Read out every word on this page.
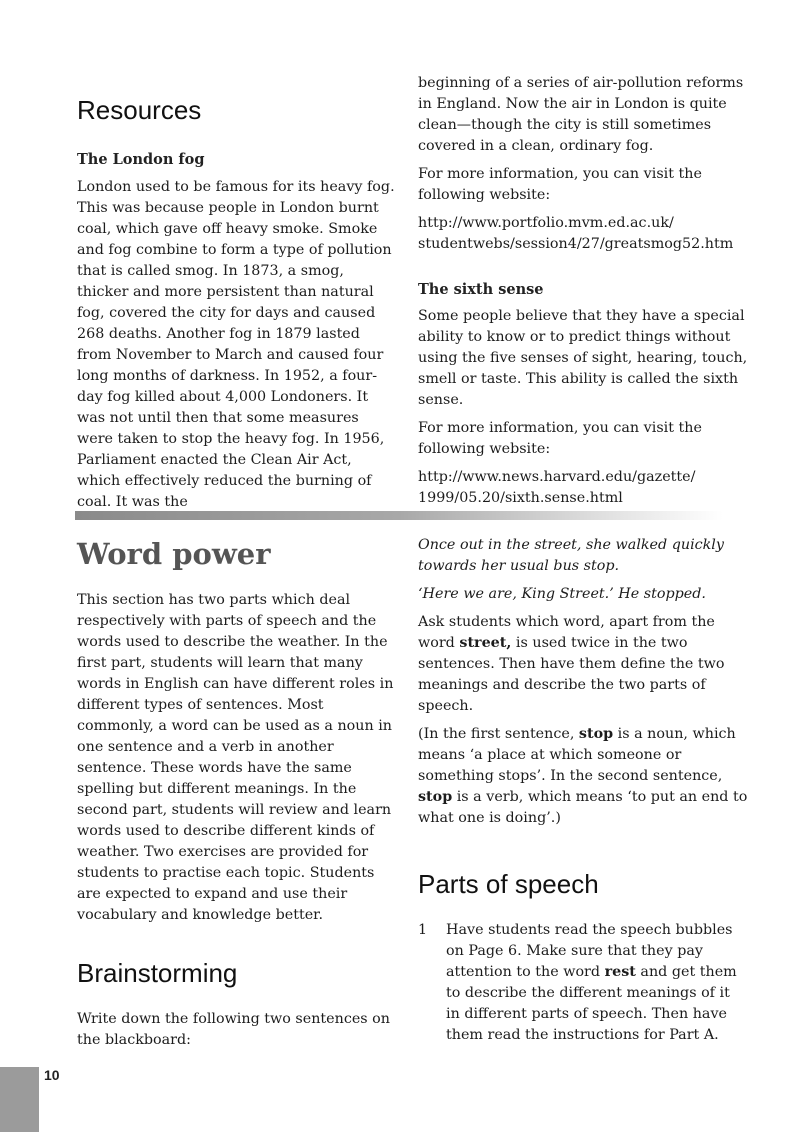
Resources
The London fog

London used to be famous for its heavy fog. This was because people in London burnt coal, which gave off heavy smoke. Smoke and fog combine to form a type of pollution that is called smog. In 1873, a smog, thicker and more persistent than natural fog, covered the city for days and caused 268 deaths. Another fog in 1879 lasted from November to March and caused four long months of darkness. In 1952, a four-day fog killed about 4,000 Londoners. It was not until then that some measures were taken to stop the heavy fog. In 1956, Parliament enacted the Clean Air Act, which effectively reduced the burning of coal. It was the

beginning of a series of air-pollution reforms in England. Now the air in London is quite clean—though the city is still sometimes covered in a clean, ordinary fog.

For more information, you can visit the following website:

http://www.portfolio.mvm.ed.ac.uk/
studentwebs/session4/27/greatsmog52.htm

The sixth sense

Some people believe that they have a special ability to know or to predict things without using the five senses of sight, hearing, touch, smell or taste. This ability is called the sixth sense.

For more information, you can visit the following website:

http://www.news.harvard.edu/gazette/
1999/05.20/sixth.sense.html

Word power

This section has two parts which deal respectively with parts of speech and the words used to describe the weather. In the first part, students will learn that many words in English can have different roles in different types of sentences. Most commonly, a word can be used as a noun in one sentence and a verb in another sentence. These words have the same spelling but different meanings. In the second part, students will review and learn words used to describe different kinds of weather. Two exercises are provided for students to practise each topic. Students are expected to expand and use their vocabulary and knowledge better.

Brainstorming

Write down the following two sentences on the blackboard:

Once out in the street, she walked quickly towards her usual bus stop.

‘Here we are, King Street.’ He stopped.

Ask students which word, apart from the word street, is used twice in the two sentences. Then have them define the two meanings and describe the two parts of speech.

(In the first sentence, stop is a noun, which means ‘a place at which someone or something stops’. In the second sentence, stop is a verb, which means ‘to put an end to what one is doing’.)

Parts of speech
1 Have students read the speech bubbles on Page 6. Make sure that they pay attention to the word rest and get them to describe the different meanings of it in different parts of speech. Then have them read the instructions for Part A.
10
